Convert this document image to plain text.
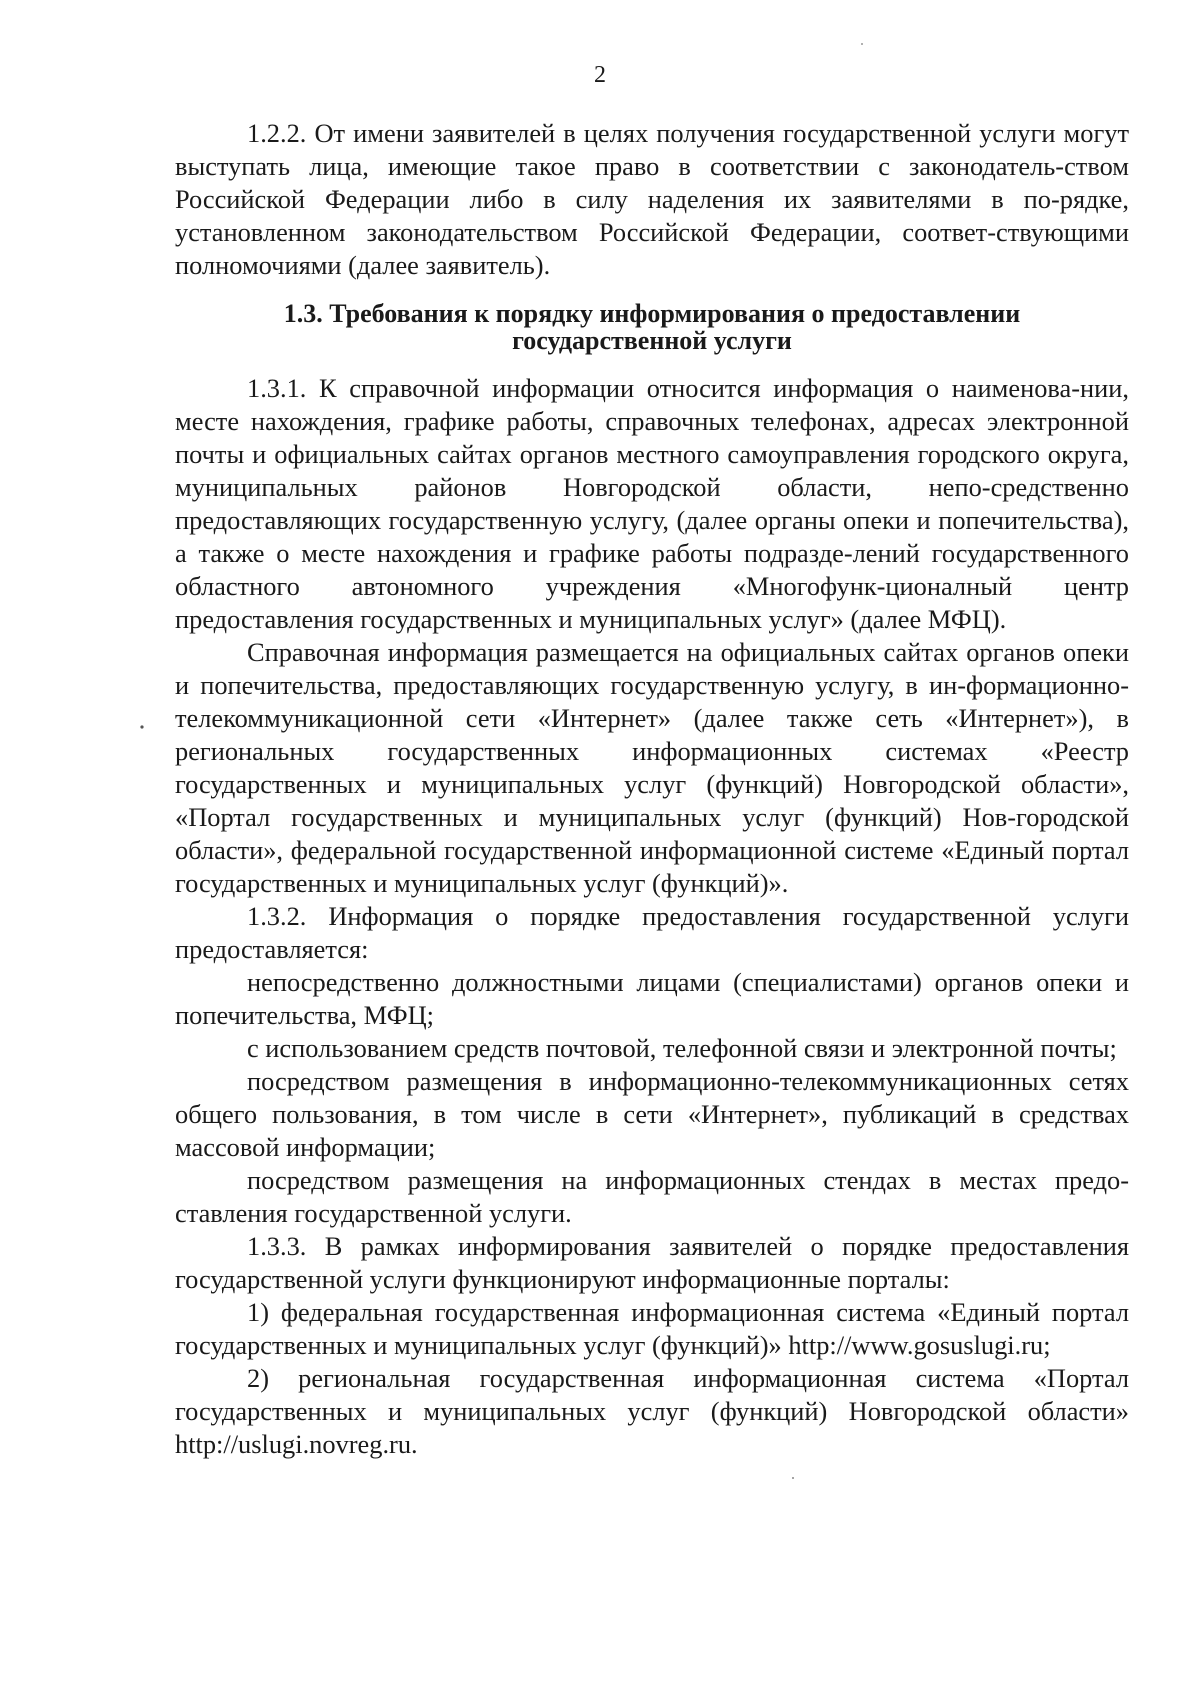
2

1.2.2. От имени заявителей в целях получения государственной услуги могут выступать лица, имеющие такое право в соответствии с законодатель-ством Российской Федерации либо в силу наделения их заявителями в по-рядке, установленном законодательством Российской Федерации, соответ-ствующими полномочиями (далее заявитель).

1.3. Требования к порядку информирования о предоставлении
государственной услуги

1.3.1. К справочной информации относится информация о наименова-нии, месте нахождения, графике работы, справочных телефонах, адресах электронной почты и официальных сайтах органов местного самоуправления городского округа, муниципальных районов Новгородской области, непо-средственно предоставляющих государственную услугу, (далее органы опеки и попечительства), а также о месте нахождения и графике работы подразде-лений государственного областного автономного учреждения «Многофунк-ционалный центр предоставления государственных и муниципальных услуг» (далее МФЦ).

Справочная информация размещается на официальных сайтах органов опеки и попечительства, предоставляющих государственную услугу, в ин-формационно-телекоммуникационной сети «Интернет» (далее также сеть «Интернет»), в региональных государственных информационных системах «Реестр государственных и муниципальных услуг (функций) Новгородской области», «Портал государственных и муниципальных услуг (функций) Нов-городской области», федеральной государственной информационной системе «Единый портал государственных и муниципальных услуг (функций)».

1.3.2. Информация о порядке предоставления государственной услуги предоставляется:

непосредственно должностными лицами (специалистами) органов опеки и попечительства, МФЦ;

с использованием средств почтовой, телефонной связи и электронной почты;

посредством размещения в информационно-телекоммуникационных сетях общего пользования, в том числе в сети «Интернет», публикаций в средствах массовой информации;

посредством размещения на информационных стендах в местах предо-ставления государственной услуги.

1.3.3. В рамках информирования заявителей о порядке предоставления государственной услуги функционируют информационные порталы:

1) федеральная государственная информационная система «Единый портал государственных и муниципальных услуг (функций)» http://www.gosuslugi.ru;

2) региональная государственная информационная система «Портал государственных и муниципальных услуг (функций) Новгородской области» http://uslugi.novreg.ru.
